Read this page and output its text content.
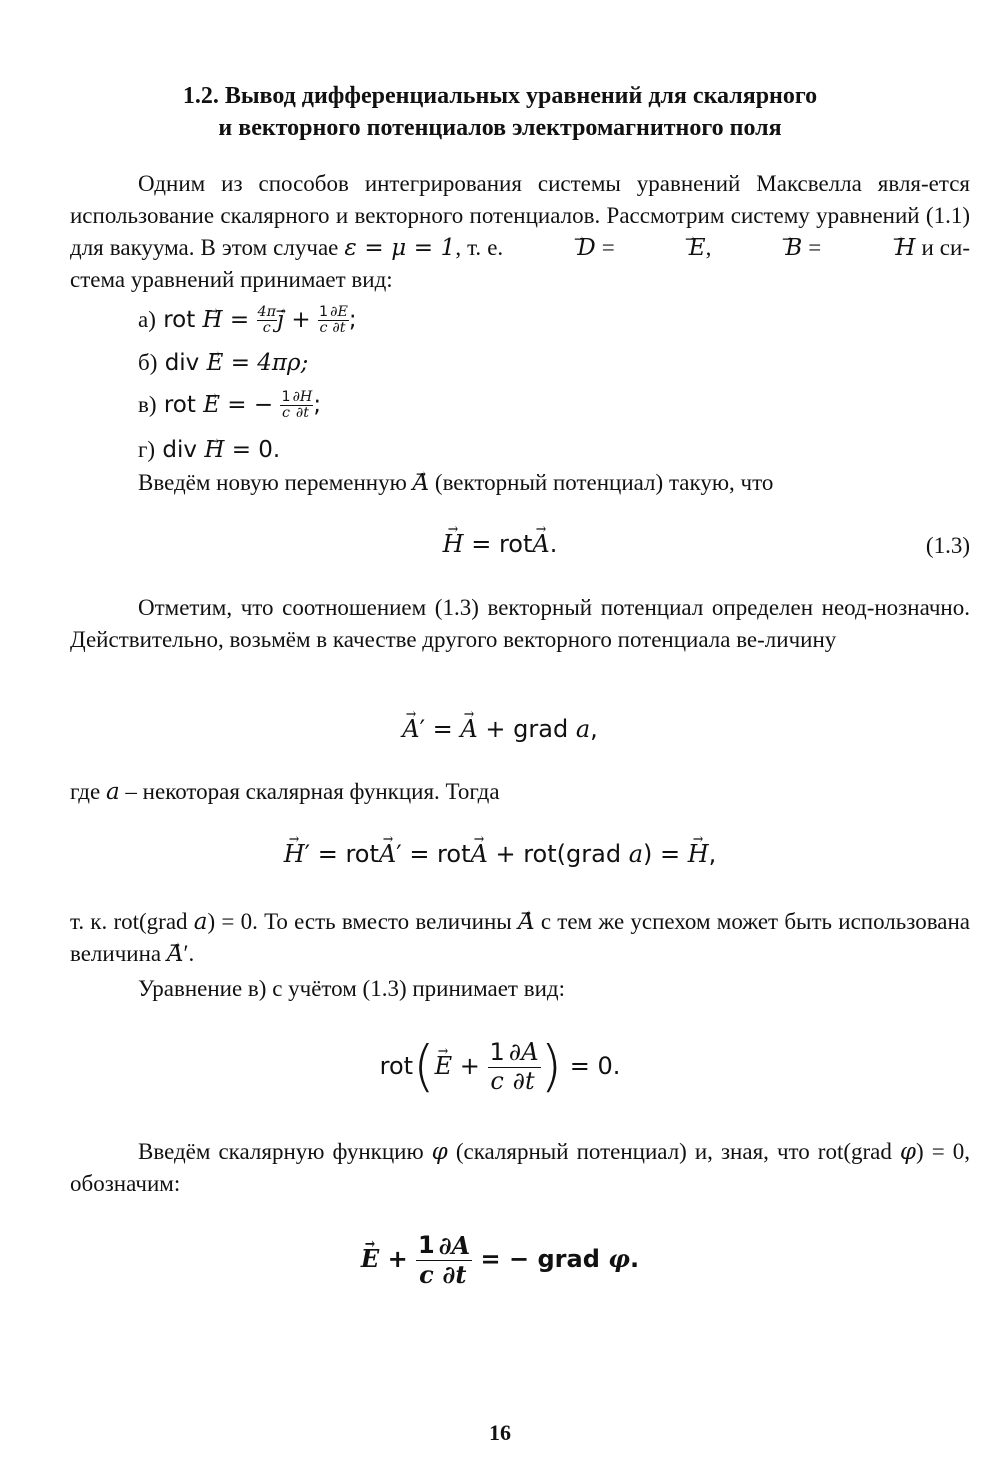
1.2. Вывод дифференциальных уравнений для скалярного
и векторного потенциалов электромагнитного поля
Одним из способов интегрирования системы уравнений Максвелла явля-ется использование скалярного и векторного потенциалов. Рассмотрим систему уравнений (1.1) для вакуума. В этом случае ε = μ = 1, т. е.	D → =	E →,	B → =	H → и си-стема уравнений принимает вид:
а) rot H → = $\frac{4\pi}{c}$ j → + $\frac{1}{c} \frac{\partial E}{\partial t}$ ;
б) div E → = 4πρ;
в) rot E → = − $\frac{1}{c} \frac{\partial H}{\partial t}$ ;
г) div H → = 0.
Введём новую переменную A → (векторный потенциал) такую, что
H → = rotA →.	(1.3)
Отметим, что соотношением (1.3) векторный потенциал определен неод-нозначно. Действительно, возьмём в качестве другого векторного потенциала ве-личину
A →′ = A → + grad a,
где a – некоторая скалярная функция. Тогда
H →′ = rotA →′ = rotA → + rot(grad a) = H →,
т. к. rot(grad a) = 0. То есть вместо величины A → с тем же успехом может быть использована величина A →′.
Уравнение в) с учётом (1.3) принимает вид:
rot(E → + $\frac{1}{c} \frac{\partial A}{\partial t}$ ) = 0.
Введём скалярную функцию φ (скалярный потенциал) и, зная, что rot(grad φ) = 0, обозначим:
E → + $\frac{1}{c} \frac{\partial A}{\partial t}$ = − grad φ.
16
